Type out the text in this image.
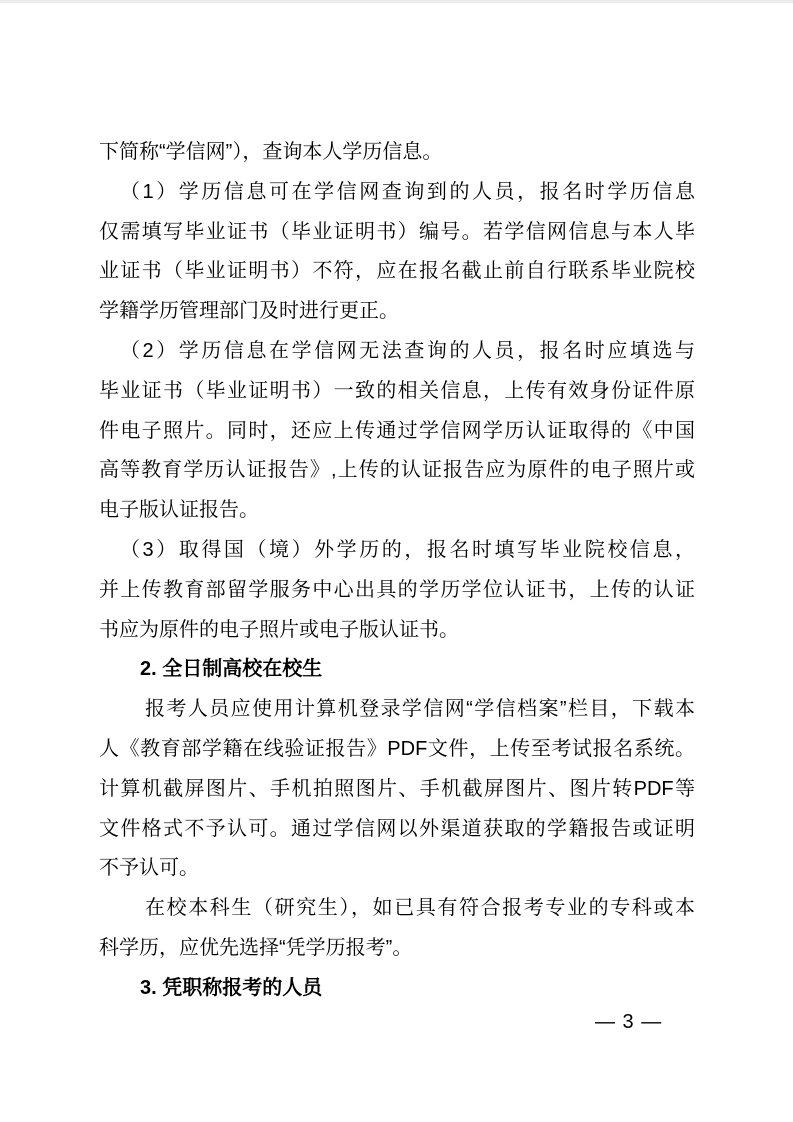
下简称“学信网”），查询本人学历信息。
（1）学历信息可在学信网查询到的人员，报名时学历信息
仅需填写毕业证书（毕业证明书）编号。若学信网信息与本人毕
业证书（毕业证明书）不符，应在报名截止前自行联系毕业院校
学籍学历管理部门及时进行更正。
（2）学历信息在学信网无法查询的人员，报名时应填选与
毕业证书（毕业证明书）一致的相关信息，上传有效身份证件原
件电子照片。同时，还应上传通过学信网学历认证取得的《中国
高等教育学历认证报告》,上传的认证报告应为原件的电子照片或
电子版认证报告。
（3）取得国（境）外学历的，报名时填写毕业院校信息，
并上传教育部留学服务中心出具的学历学位认证书，上传的认证
书应为原件的电子照片或电子版认证书。
2. 全日制高校在校生
报考人员应使用计算机登录学信网“学信档案”栏目，下载本
人《教育部学籍在线验证报告》PDF文件，上传至考试报名系统。
计算机截屏图片、手机拍照图片、手机截屏图片、图片转PDF等
文件格式不予认可。通过学信网以外渠道获取的学籍报告或证明
不予认可。
在校本科生（研究生），如已具有符合报考专业的专科或本
科学历，应优先选择“凭学历报考”。
3. 凭职称报考的人员
— 3 —
